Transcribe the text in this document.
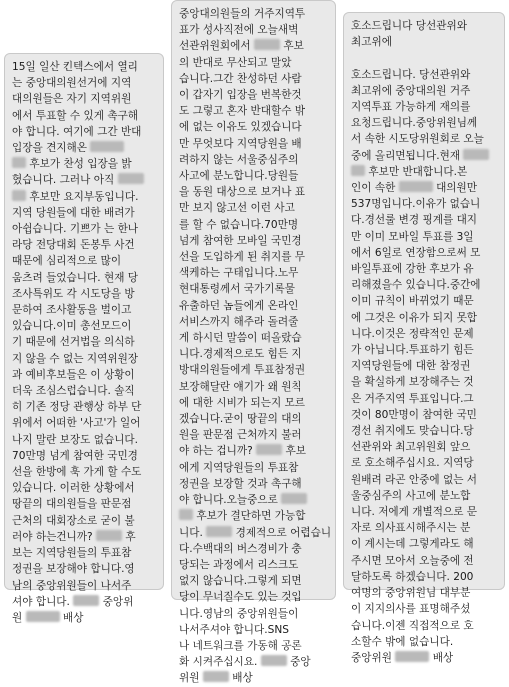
15일 일산 킨텍스에서 열리
는 중앙대의원선거에 지역
대의원들은 자기 지역위원
에서 투표할 수 있게 촉구해
야 합니다. 여기에 그간 반대
입장을 견지해온
후보가 찬성 입장을 밝
혔습니다. 그러나 아직
후보만 요지부동입니다.
지역 당원들에 대한 배려가
아쉽습니다. 기쁘가 는 한나
라당 전당대회 돈봉투 사건
때문에 심리적으로 많이
움츠려 들었습니다. 현재 당
조사특위도 각 시도당을 방
문하여 조사활동을 벌이고
있습니다.이미 총선모드이
기 때문에 선거법을 의식하
지 않을 수 없는 지역위원장
과 예비후보들은 이 상황이
더욱 조심스럽습니다. 솔직
히 기존 정당 관행상 하부 단
위에서 어떠한 '사고'가 일어
나지 말란 보장도 없습니다.
70만명 넘게 참여한 국민경
선을 한방에 훅 가게 할 수도
있습니다. 이러한 상황에서
땅끝의 대의원들을 판문점
근처의 대회장소로 굳이 불
러야 하는건니까?	후
보는 지역당원들의 투표참
정권을 보장해야 합니다.영
남의 중앙위원들이 나서주
셔야 합니다.	중앙위
원	배상
중앙대의원들의 거주지역투
표가 성사직전에 오늘새벽
선관위원회에서	후보
의 반대로 무산되고 말았
습니다.그간 찬성하던 사람
이 갑자기 입장을 번복한것
도 그렇고 혼자 반대할수 밖
에 없는 이유도 있겠습니다
만 무엇보다 지역당원을 배
려하지 않는 서울중심주의
사고에 분노합니다.당원들
을 동원 대상으로 보거나 표
만 보지 않고선 이런 사고
를 할 수 없습니다.70만명
넘게 참여한 모바일 국민경
선을 도입하게 된 취지를 무
색케하는 구태입니다.노무
현대통령께서 국가기록물
유출하던 놈들에게 온라인
서비스까지 해주라 돌려줄
게 하시던 말씀이 떠올랐습
니다.경제적으로도 힘든 지
방대의원들에게 투표참정권
보장해달란 얘기가 왜 원칙
에 대한 시비가 되는지 모르
겠습니다.굳이 땅끝의 대의
원을 판문점 근처까지 불러
야 하는 겁니까?	후보
에게 지역당원들의 투표참
정권을 보장할 것과 촉구해
야 합니다.오늘중으로
후보가 결단하면 가능합
니다.	경제적으로 어렵습니
다.수백대의 버스경비가 충
당되는 과정에서 리스크도
없지 않습니다.그렇게 되면
당이 무너질수도 있는 것입
니다.영남의 중앙위원들이
나서주셔야 합니다.SNS
나 네트워크를 가동해 공론
화 시켜주십시요.	중앙
위원	배상
호소드립니다 당선관위와
최고위에
호소드립니다. 당선관위와
최고위에 중앙대의원 거주
지역투표 가능하게 재의를
요청드립니다.중앙위원님께
서 속한 시도당위원회로 오늘
중에 올리면됩니다.현재
후보만 반대합니다.본
인이 속한	대의원만
537명입니다.이유가 없습니
다.경선룰 변경 핑계를 대지
만 이미 모바일 투표를 3일
에서 6일로 연장함으로써 모
바일투표에 강한 후보가 유
리해졌을수 있습니다.중간에
이미 규칙이 바뀌었기 때문
에 그것은 이유가 되지 못합
니다.이것은 정략적인 문제
가 아닙니다.투표하기 힘든
지역당원들에 대한 참정권
을 확실하게 보장해주는 것
은 거주지역 투표입니다.그
것이 80만명이 참여한 국민
경선 취지에도 맞습니다.당
선관위와 최고위원회 앞으
로 호소해주십시요. 지역당
원배려 라곤 안중에 없는 서
울중심주의 사고에 분노합
니다. 저에게 개별적으로 문
자로 의사표시해주시는 분
이 계시는데 그렇게라도 해
주시면 모아서 오늘중에 전
달하도록 하겠습니다. 200
여명의 중앙위원님 대부분
이 지지의사를 표명해주셨
습니다.이젠 직접적으로 호
소할수 밖에 없습니다.
중앙위원	배상
